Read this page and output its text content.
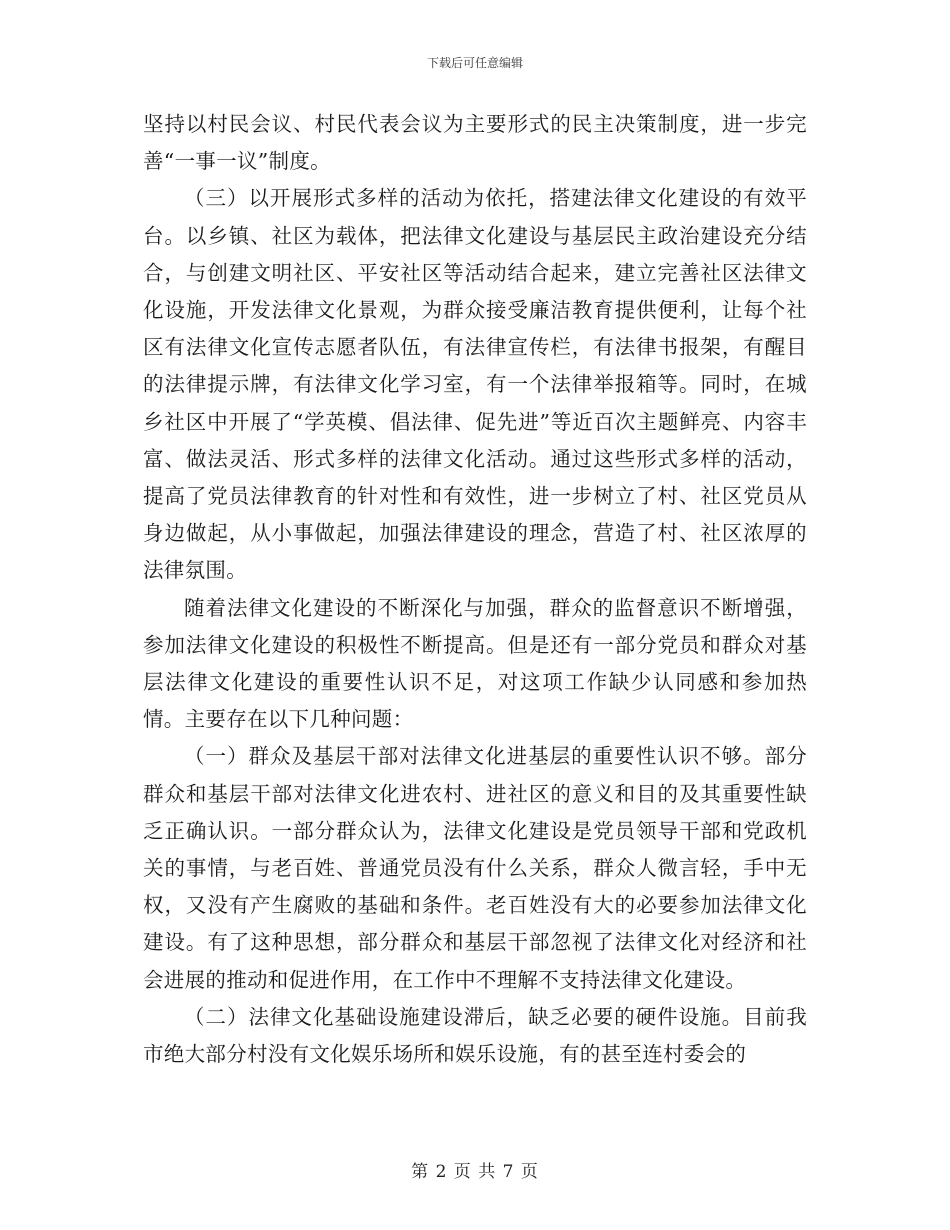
下载后可任意编辑

坚持以村民会议、村民代表会议为主要形式的民主决策制度，进一步完善“一事一议”制度。

（三）以开展形式多样的活动为依托，搭建法律文化建设的有效平台。以乡镇、社区为载体，把法律文化建设与基层民主政治建设充分结合，与创建文明社区、平安社区等活动结合起来，建立完善社区法律文化设施，开发法律文化景观，为群众接受廉洁教育提供便利，让每个社区有法律文化宣传志愿者队伍，有法律宣传栏，有法律书报架，有醒目的法律提示牌，有法律文化学习室，有一个法律举报箱等。同时，在城乡社区中开展了“学英模、倡法律、促先进”等近百次主题鲜亮、内容丰富、做法灵活、形式多样的法律文化活动。通过这些形式多样的活动，提高了党员法律教育的针对性和有效性，进一步树立了村、社区党员从身边做起，从小事做起，加强法律建设的理念，营造了村、社区浓厚的法律氛围。

随着法律文化建设的不断深化与加强，群众的监督意识不断增强，参加法律文化建设的积极性不断提高。但是还有一部分党员和群众对基层法律文化建设的重要性认识不足，对这项工作缺少认同感和参加热情。主要存在以下几种问题：

（一）群众及基层干部对法律文化进基层的重要性认识不够。部分群众和基层干部对法律文化进农村、进社区的意义和目的及其重要性缺乏正确认识。一部分群众认为，法律文化建设是党员领导干部和党政机关的事情，与老百姓、普通党员没有什么关系，群众人微言轻，手中无权，又没有产生腐败的基础和条件。老百姓没有大的必要参加法律文化建设。有了这种思想，部分群众和基层干部忽视了法律文化对经济和社会进展的推动和促进作用，在工作中不理解不支持法律文化建设。

（二）法律文化基础设施建设滞后，缺乏必要的硬件设施。目前我市绝大部分村没有文化娱乐场所和娱乐设施，有的甚至连村委会的

第 2 页 共 7 页
